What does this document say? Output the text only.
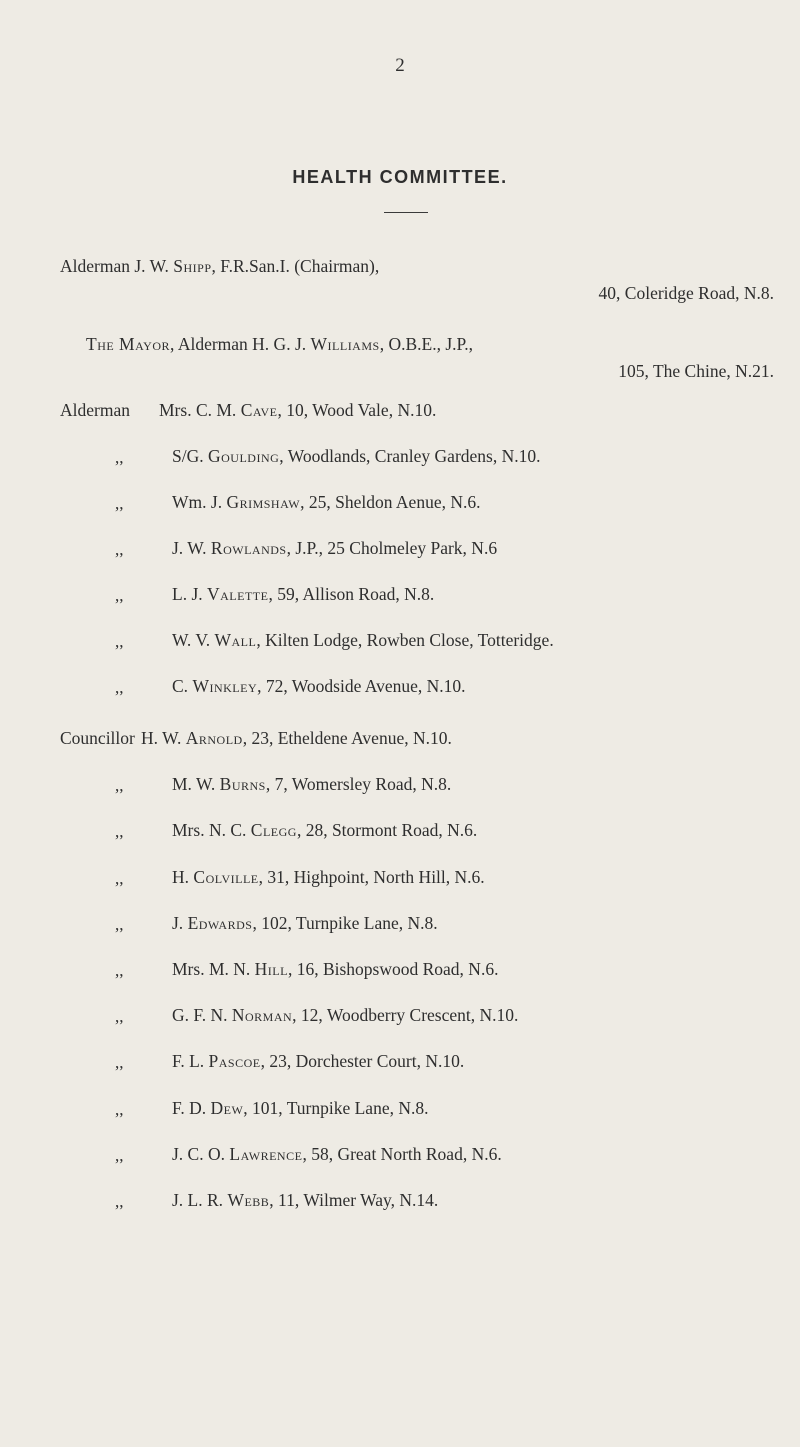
2
HEALTH COMMITTEE.
Alderman J. W. Shipp, F.R.San.I. (Chairman),
40, Coleridge Road, N.8.
The Mayor, Alderman H. G. J. Williams, O.B.E., J.P.,
105, The Chine, N.21.
Alderman Mrs. C. M. Cave, 10, Wood Vale, N.10.
,,	S/G. Goulding, Woodlands, Cranley Gardens, N.10.
,,	Wm. J. Grimshaw, 25, Sheldon Aenue, N.6.
,,	J. W. Rowlands, J.P., 25 Cholmeley Park, N.6
,,	L. J. Valette, 59, Allison Road, N.8.
,,	W. V. Wall, Kilten Lodge, Rowben Close, Totteridge.
,,	C. Winkley, 72, Woodside Avenue, N.10.
Councillor H. W. Arnold, 23, Etheldene Avenue, N.10.
,,	M. W. Burns, 7, Womersley Road, N.8.
,,	Mrs. N. C. Clegg, 28, Stormont Road, N.6.
,,	H. Colville, 31, Highpoint, North Hill, N.6.
,,	J. Edwards, 102, Turnpike Lane, N.8.
,,	Mrs. M. N. Hill, 16, Bishopswood Road, N.6.
,,	G. F. N. Norman, 12, Woodberry Crescent, N.10.
,,	F. L. Pascoe, 23, Dorchester Court, N.10.
,,	F. D. Dew, 101, Turnpike Lane, N.8.
,,	J. C. O. Lawrence, 58, Great North Road, N.6.
,,	J. L. R. Webb, 11, Wilmer Way, N.14.
